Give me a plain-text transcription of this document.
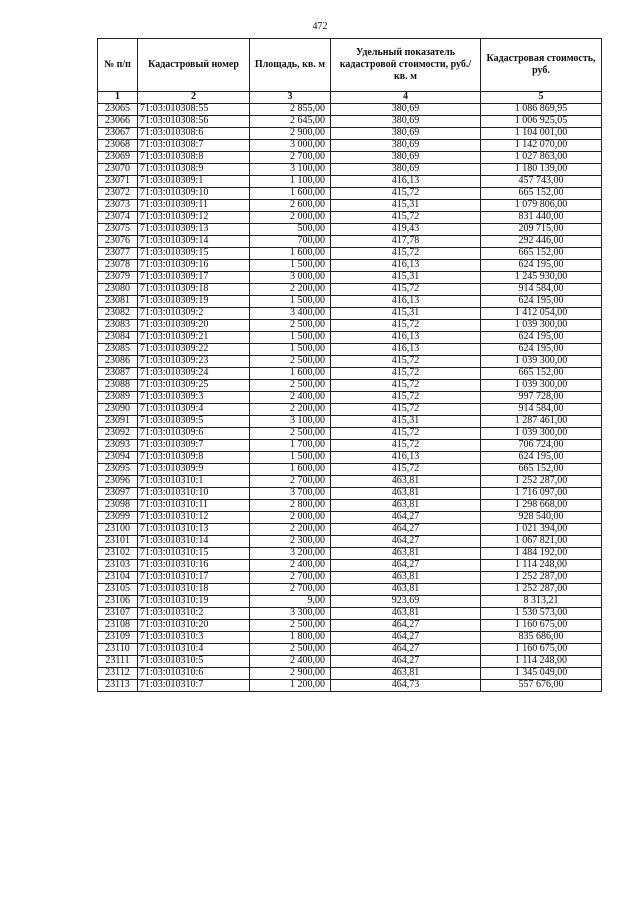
472
№ п/п	Кадастровый номер	Площадь, кв. м	Удельный показатель кадастровой стоимости, руб./кв. м	Кадастровая стоимость, руб.
1	2	3	4	5
23065	71:03:010308:55	2 855,00	380,69	1 086 869,95
23066	71:03:010308:56	2 645,00	380,69	1 006 925,05
23067	71:03:010308:6	2 900,00	380,69	1 104 001,00
23068	71:03:010308:7	3 000,00	380,69	1 142 070,00
23069	71:03:010308:8	2 700,00	380,69	1 027 863,00
23070	71:03:010308:9	3 100,00	380,69	1 180 139,00
23071	71:03:010309:1	1 100,00	416,13	457 743,00
23072	71:03:010309:10	1 600,00	415,72	665 152,00
23073	71:03:010309:11	2 600,00	415,31	1 079 806,00
23074	71:03:010309:12	2 000,00	415,72	831 440,00
23075	71:03:010309:13	500,00	419,43	209 715,00
23076	71:03:010309:14	700,00	417,78	292 446,00
23077	71:03:010309:15	1 600,00	415,72	665 152,00
23078	71:03:010309:16	1 500,00	416,13	624 195,00
23079	71:03:010309:17	3 000,00	415,31	1 245 930,00
23080	71:03:010309:18	2 200,00	415,72	914 584,00
23081	71:03:010309:19	1 500,00	416,13	624 195,00
23082	71:03:010309:2	3 400,00	415,31	1 412 054,00
23083	71:03:010309:20	2 500,00	415,72	1 039 300,00
23084	71:03:010309:21	1 500,00	416,13	624 195,00
23085	71:03:010309:22	1 500,00	416,13	624 195,00
23086	71:03:010309:23	2 500,00	415,72	1 039 300,00
23087	71:03:010309:24	1 600,00	415,72	665 152,00
23088	71:03:010309:25	2 500,00	415,72	1 039 300,00
23089	71:03:010309:3	2 400,00	415,72	997 728,00
23090	71:03:010309:4	2 200,00	415,72	914 584,00
23091	71:03:010309:5	3 100,00	415,31	1 287 461,00
23092	71:03:010309:6	2 500,00	415,72	1 039 300,00
23093	71:03:010309:7	1 700,00	415,72	706 724,00
23094	71:03:010309:8	1 500,00	416,13	624 195,00
23095	71:03:010309:9	1 600,00	415,72	665 152,00
23096	71:03:010310:1	2 700,00	463,81	1 252 287,00
23097	71:03:010310:10	3 700,00	463,81	1 716 097,00
23098	71:03:010310:11	2 800,00	463,81	1 298 668,00
23099	71:03:010310:12	2 000,00	464,27	928 540,00
23100	71:03:010310:13	2 200,00	464,27	1 021 394,00
23101	71:03:010310:14	2 300,00	464,27	1 067 821,00
23102	71:03:010310:15	3 200,00	463,81	1 484 192,00
23103	71:03:010310:16	2 400,00	464,27	1 114 248,00
23104	71:03:010310:17	2 700,00	463,81	1 252 287,00
23105	71:03:010310:18	2 700,00	463,81	1 252 287,00
23106	71:03:010310:19	9,00	923,69	8 313,21
23107	71:03:010310:2	3 300,00	463,81	1 530 573,00
23108	71:03:010310:20	2 500,00	464,27	1 160 675,00
23109	71:03:010310:3	1 800,00	464,27	835 686,00
23110	71:03:010310:4	2 500,00	464,27	1 160 675,00
23111	71:03:010310:5	2 400,00	464,27	1 114 248,00
23112	71:03:010310:6	2 900,00	463,81	1 345 049,00
23113	71:03:010310:7	1 200,00	464,73	557 676,00
